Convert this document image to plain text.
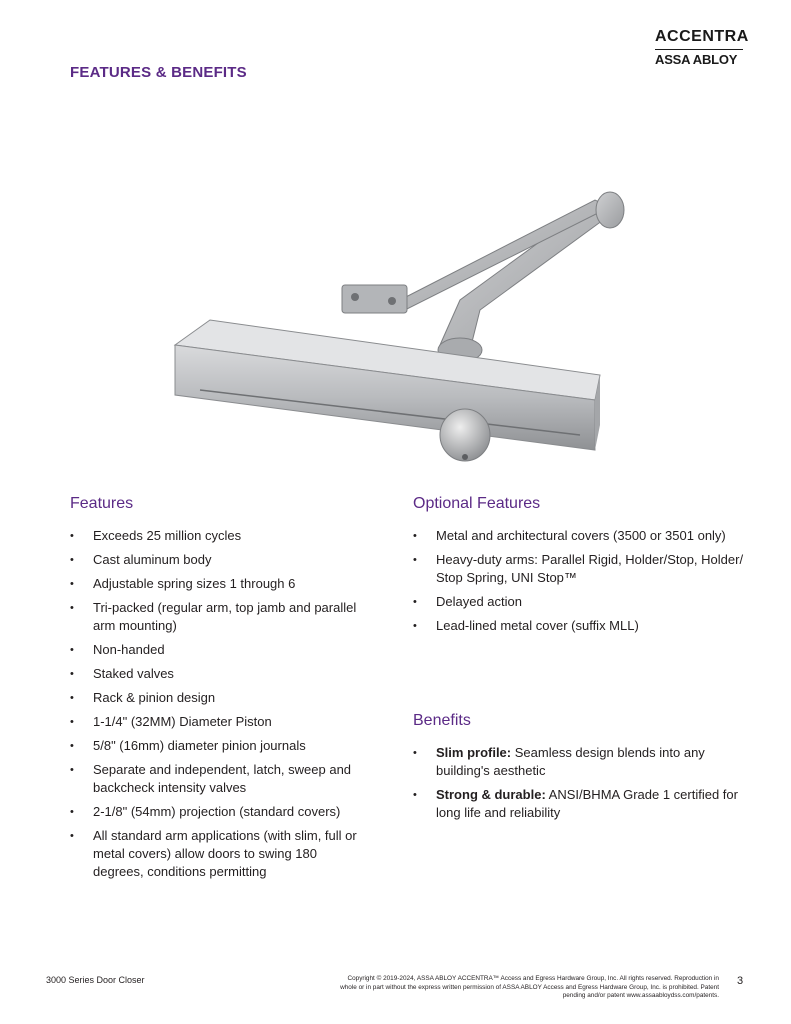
FEATURES & BENEFITS
ACCENTRA
ASSA ABLOY
Features
• Exceeds 25 million cycles
• Cast aluminum body
• Adjustable spring sizes 1 through 6
• Tri-packed (regular arm, top jamb and parallel arm mounting)
• Non-handed
• Staked valves
• Rack & pinion design
• 1-1/4" (32MM) Diameter Piston
• 5/8" (16mm) diameter pinion journals
• Separate and independent, latch, sweep and backcheck intensity valves
• 2-1/8" (54mm) projection (standard covers)
• All standard arm applications (with slim, full or metal covers) allow doors to swing 180 degrees, conditions permitting
Optional Features
• Metal and architectural covers (3500 or 3501 only)
• Heavy-duty arms: Parallel Rigid, Holder/Stop, Holder/ Stop Spring, UNI Stop™
• Delayed action
• Lead-lined metal cover (suffix MLL)
Benefits
• Slim profile: Seamless design blends into any building's aesthetic
• Strong & durable: ANSI/BHMA Grade 1 certified for long life and reliability
3000 Series Door Closer	Copyright © 2019-2024, ASSA ABLOY ACCENTRA™ Access and Egress Hardware Group, Inc. All rights reserved. Reproduction in whole or in part without the express written permission of ASSA ABLOY Access and Egress Hardware Group, Inc. is prohibited. Patent pending and/or patent www.assaabloydss.com/patents.
3
